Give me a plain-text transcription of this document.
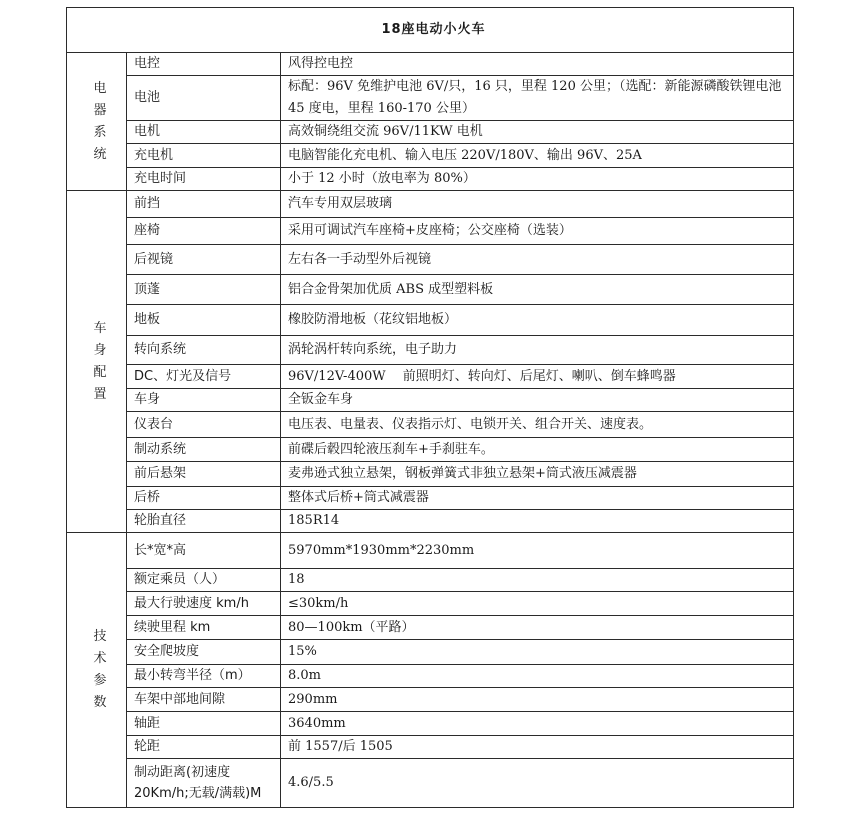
18座电动小火车		

电器系统	电控	风得控电控
	电池	标配：96V 免维护电池 6V/只，16 只，里程 120 公里；（选配：新能源磷酸铁锂电池 45 度电，里程 160-170 公里）
	电机	高效铜绕组交流 96V/11KW 电机
	充电机	电脑智能化充电机、输入电压 220V/180V、输出 96V、25A
	充电时间	小于 12 小时（放电率为 80%）

车身配置	前挡	汽车专用双层玻璃
	座椅	采用可调试汽车座椅+皮座椅；公交座椅（选装）
	后视镜	左右各一手动型外后视镜
	顶蓬	铝合金骨架加优质 ABS 成型塑料板
	地板	橡胶防滑地板（花纹铝地板）
	转向系统	涡轮涡杆转向系统，电子助力
	DC、灯光及信号	96V/12V-400W　 前照明灯、转向灯、后尾灯、喇叭、倒车蜂鸣器
	车身	全钣金车身
	仪表台	电压表、电量表、仪表指示灯、电锁开关、组合开关、速度表。
	制动系统	前碟后毂四轮液压刹车+手刹驻车。
	前后悬架	麦弗逊式独立悬架，钢板弹簧式非独立悬架+筒式液压减震器
	后桥	整体式后桥+筒式减震器
	轮胎直径	185R14

技术参数	长*宽*高	5970mm*1930mm*2230mm
	额定乘员（人）	18
	最大行驶速度 km/h	≤30km/h
	续驶里程 km	80—100km（平路）
	安全爬坡度	15%
	最小转弯半径（m）	8.0m
	车架中部地间隙	290mm
	轴距	3640mm
	轮距	前 1557/后 1505
	制动距离(初速度 20Km/h;无载/满载)M	4.6/5.5
